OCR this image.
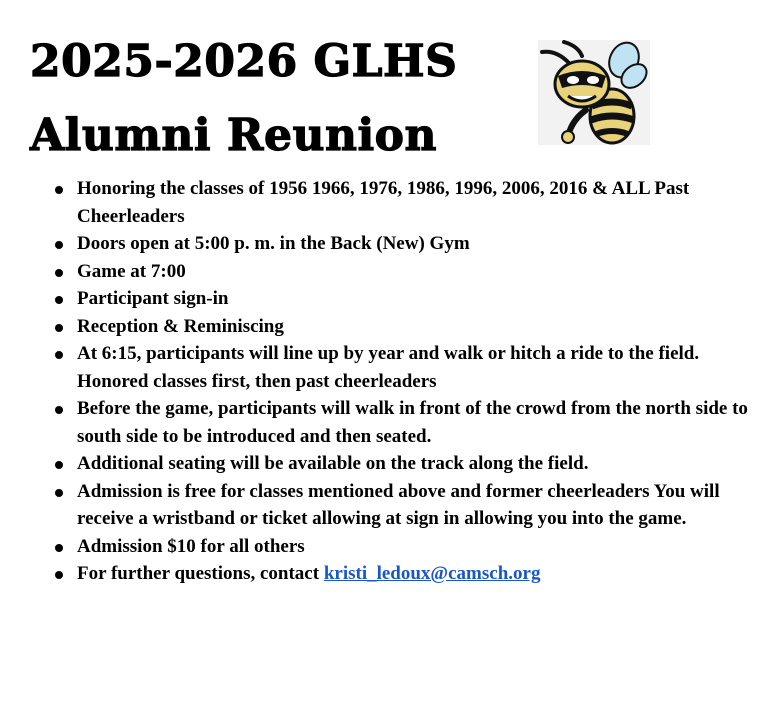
2025-2026 GLHS
Alumni Reunion
Honoring the classes of 1956 1966, 1976, 1986, 1996, 2006, 2016 & ALL Past Cheerleaders
Doors open at 5:00 p. m. in the Back (New) Gym
Game at 7:00
Participant sign-in
Reception & Reminiscing
At 6:15, participants will line up by year and walk or hitch a ride to the field. Honored classes first, then past cheerleaders
Before the game, participants will walk in front of the crowd from the north side to south side to be introduced and then seated.
Additional seating will be available on the track along the field.
Admission is free for classes mentioned above and former cheerleaders You will receive a wristband or ticket allowing at sign in allowing you into the game.
Admission $10 for all others
For further questions, contact kristi_ledoux@camsch.org
